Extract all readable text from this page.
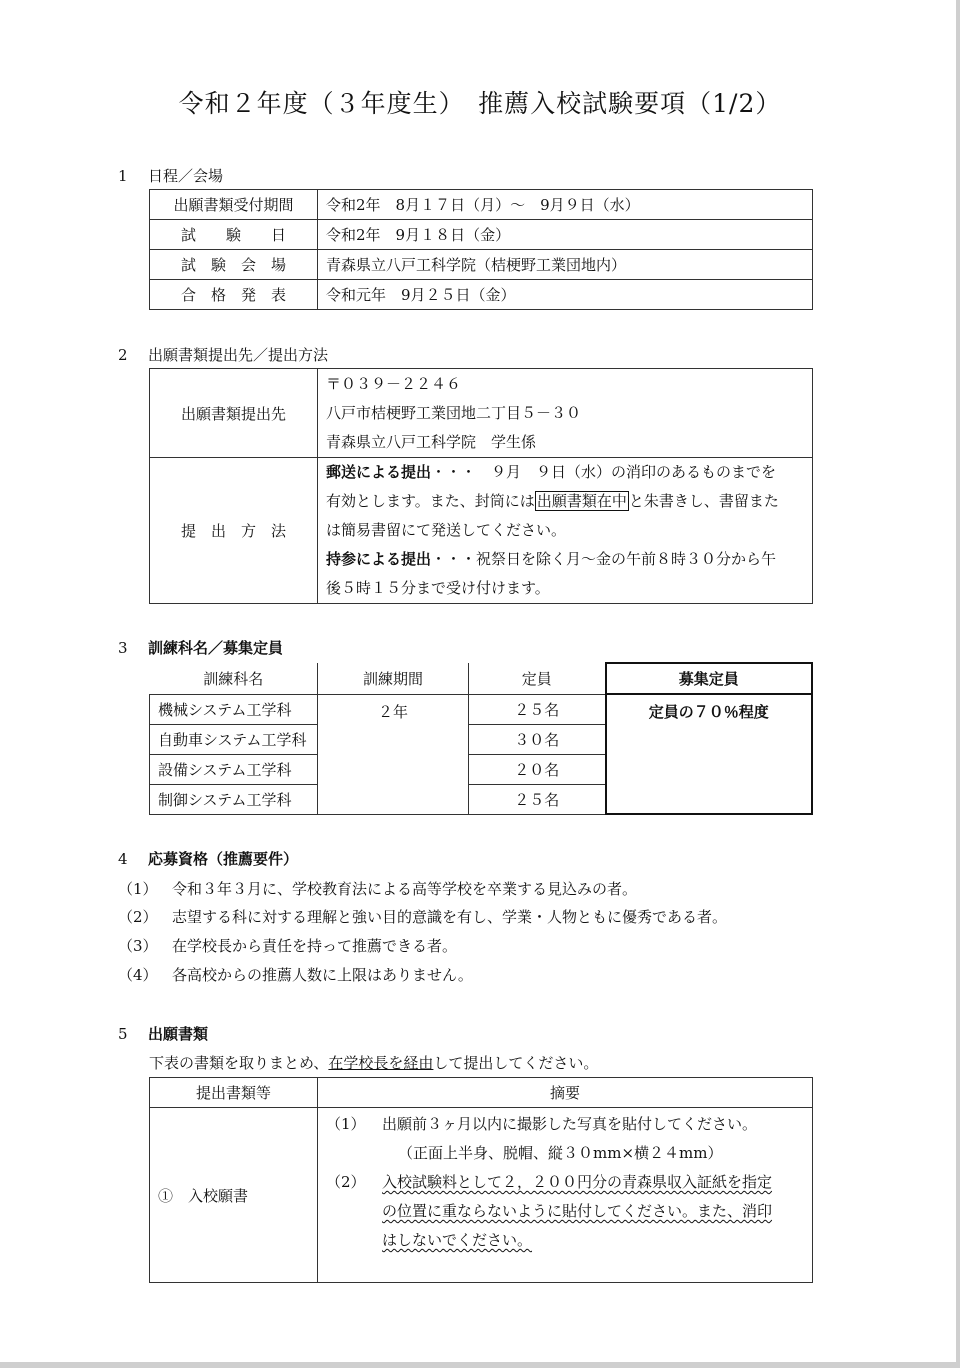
令和２年度（３年度生）　推薦入校試験要項（1/2）
1 日程／会場
出願書類受付期間	令和2年　8月１７日（月）～　9月９日（水）
試　　験　　日	令和2年　9月１８日（金）
試　験　会　場	青森県立八戸工科学院（桔梗野工業団地内）
合　格　発　表	令和元年　9月２５日（金）
2 出願書類提出先／提出方法
出願書類提出先	〒０３９－２２４６
八戸市桔梗野工業団地二丁目５－３０
青森県立八戸工科学院　学生係

提　出　方　法	郵送による提出・・・　９月　９日（水）の消印のあるものまでを
有効とします。また、封筒には 出願書類在中 と朱書きし、書留また
は簡易書留にて発送してください。
持参による提出・・・祝祭日を除く月～金の午前８時３０分から午
後５時１５分まで受け付けます。
3 訓練科名／募集定員
訓練科名	訓練期間	定員	募集定員
機械システム工学科	２年	２５名	定員の７０％程度
自動車システム工学科		３０名	
設備システム工学科		２０名	
制御システム工学科		２５名	
4 応募資格（推薦要件）
（1） 令和３年３月に、学校教育法による高等学校を卒業する見込みの者。
（2） 志望する科に対する理解と強い目的意識を有し、学業・人物ともに優秀である者。
（3） 在学校長から責任を持って推薦できる者。
（4） 各高校からの推薦人数に上限はありません。
5 出願書類
下表の書類を取りまとめ、在学校長を経由して提出してください。
提出書類等	摘要
①　入校願書	（1） 出願前３ヶ月以内に撮影した写真を貼付してください。
（正面上半身、脱帽、縦３０mm×横２４mm）
（2） 入校試験料として２，２００円分の青森県収入証紙を指定
の位置に重ならないように貼付してください。また、消印
はしないでください。
